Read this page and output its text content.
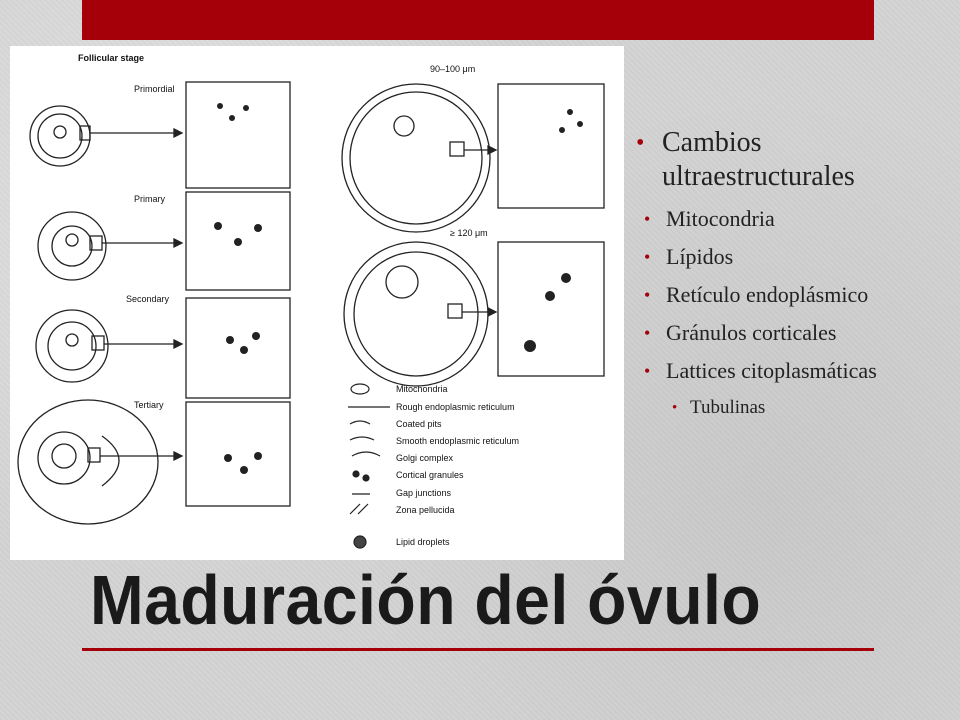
Follicular stage
Primordial
Primary
Secondary
Tertiary
90–100 μm
≥ 120 μm
Mitochondria
Rough endoplasmic reticulum
Coated pits
Smooth endoplasmic reticulum
Golgi complex
Cortical granules
Gap junctions
Zona pellucida
Lipid droplets
• Cambios ultraestructurales
• Mitocondria
• Lípidos
• Retículo endoplásmico
• Gránulos corticales
• Lattices citoplasmáticas
• Tubulinas
Maduración del óvulo
